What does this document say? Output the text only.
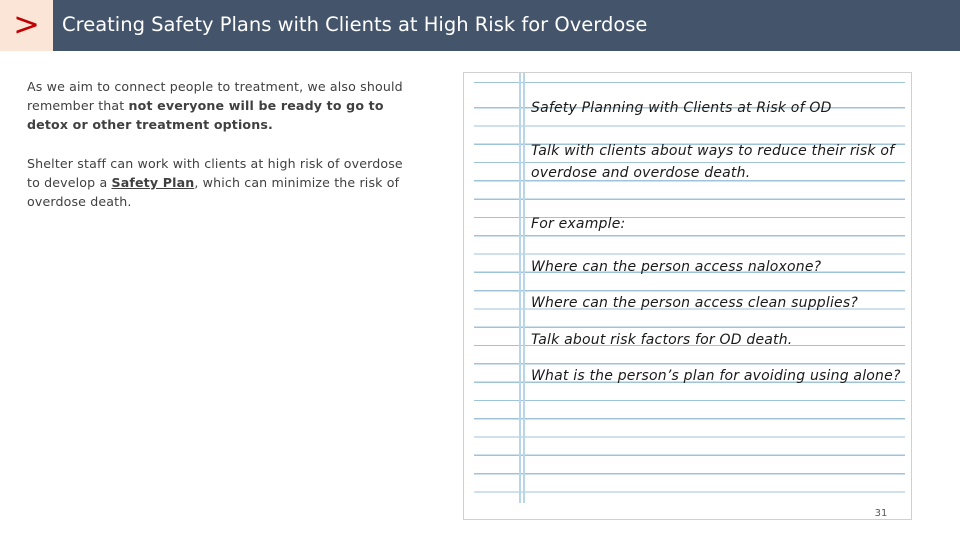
>	Creating Safety Plans with Clients at High Risk for Overdose

As we aim to connect people to treatment, we also should remember that not everyone will be ready to go to detox or other treatment options.

Shelter staff can work with clients at high risk of overdose to develop a Safety Plan, which can minimize the risk of overdose death.

Safety Planning with Clients at Risk of OD
Talk with clients about ways to reduce their risk of overdose and overdose death.
For example:
Where can the person access naloxone?
Where can the person access clean supplies?
Talk about risk factors for OD death.
What is the person’s plan for avoiding using alone?
31
